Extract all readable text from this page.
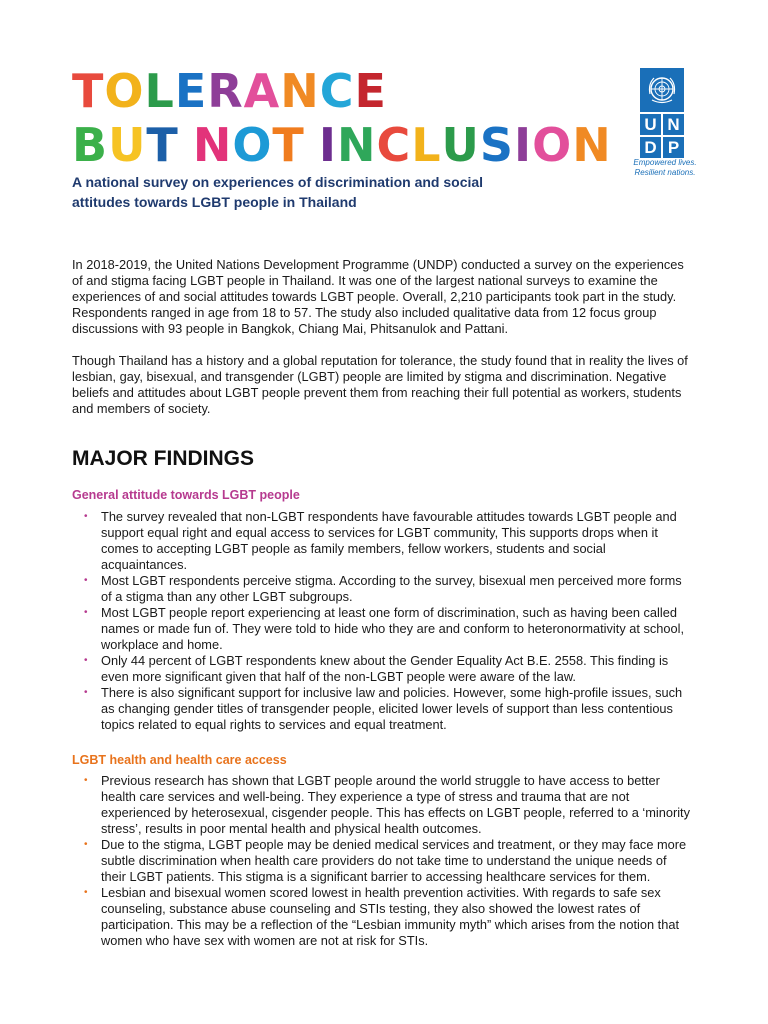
TOLERANCE
BUT NOT INCLUSION
A national survey on experiences of discrimination and social attitudes towards LGBT people in Thailand
U N
D P
Empowered lives.
Resilient nations.
In 2018-2019, the United Nations Development Programme (UNDP) conducted a survey on the experiences of and stigma facing LGBT people in Thailand. It was one of the largest national surveys to examine the experiences of and social attitudes towards LGBT people. Overall, 2,210 participants took part in the study. Respondents ranged in age from 18 to 57. The study also included qualitative data from 12 focus group discussions with 93 people in Bangkok, Chiang Mai, Phitsanulok and Pattani.
Though Thailand has a history and a global reputation for tolerance, the study found that in reality the lives of lesbian, gay, bisexual, and transgender (LGBT) people are limited by stigma and discrimination. Negative beliefs and attitudes about LGBT people prevent them from reaching their full potential as workers, students and members of society.
MAJOR FINDINGS
General attitude towards LGBT people
• The survey revealed that non-LGBT respondents have favourable attitudes towards LGBT people and support equal right and equal access to services for LGBT community, This supports drops when it comes to accepting LGBT people as family members, fellow workers, students and social acquaintances.
• Most LGBT respondents perceive stigma. According to the survey, bisexual men perceived more forms of a stigma than any other LGBT subgroups.
• Most LGBT people report experiencing at least one form of discrimination, such as having been called names or made fun of. They were told to hide who they are and conform to heteronormativity at school, workplace and home.
• Only 44 percent of LGBT respondents knew about the Gender Equality Act B.E. 2558. This finding is even more significant given that half of the non-LGBT people were aware of the law.
• There is also significant support for inclusive law and policies. However, some high-profile issues, such as changing gender titles of transgender people, elicited lower levels of support than less contentious topics related to equal rights to services and equal treatment.
LGBT health and health care access
• Previous research has shown that LGBT people around the world struggle to have access to better health care services and well-being. They experience a type of stress and trauma that are not experienced by heterosexual, cisgender people. This has effects on LGBT people, referred to a ‘minority stress’, results in poor mental health and physical health outcomes.
• Due to the stigma, LGBT people may be denied medical services and treatment, or they may face more subtle discrimination when health care providers do not take time to understand the unique needs of their LGBT patients. This stigma is a significant barrier to accessing healthcare services for them.
• Lesbian and bisexual women scored lowest in health prevention activities. With regards to safe sex counseling, substance abuse counseling and STIs testing, they also showed the lowest rates of participation. This may be a reflection of the “Lesbian immunity myth” which arises from the notion that women who have sex with women are not at risk for STIs.
